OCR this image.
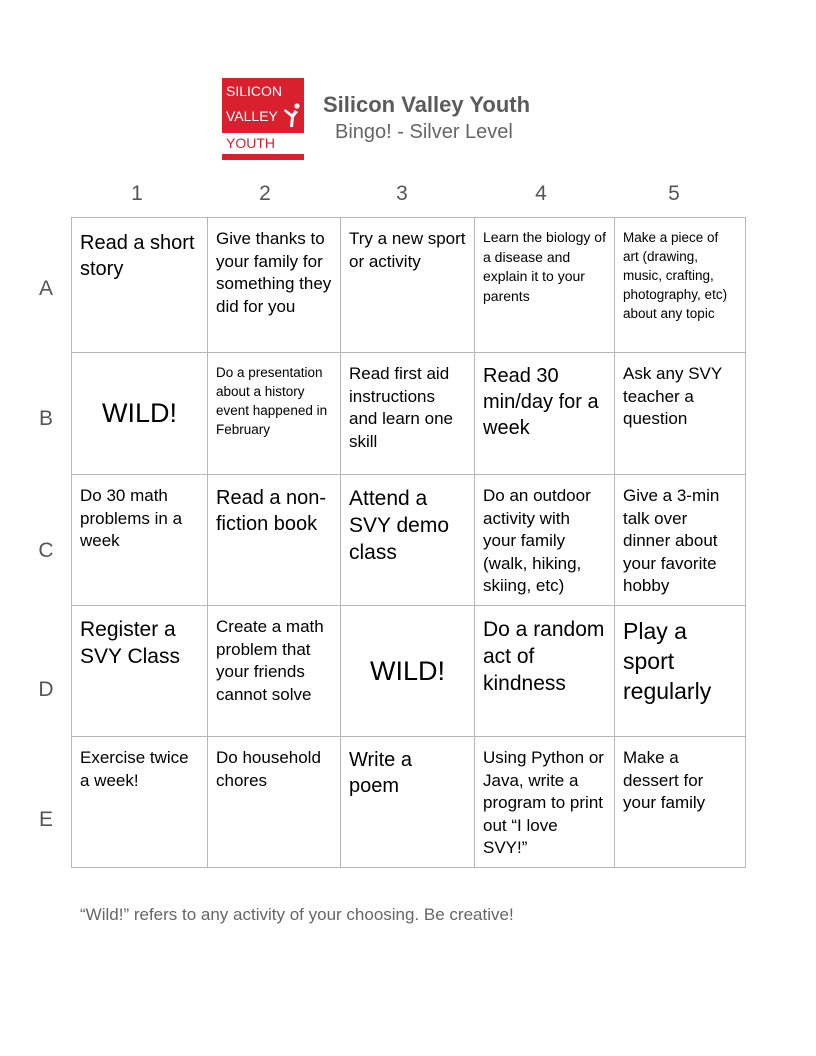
SILICON
VALLEY
YOUTH
Silicon Valley Youth
Bingo! - Silver Level
1	2	3	4	5
A
B
C
D
E
Read a short story	Give thanks to your family for something they did for you	Try a new sport or activity	Learn the biology of a disease and explain it to your parents	Make a piece of art (drawing, music, crafting, photography, etc) about any topic
WILD!	Do a presentation about a history event happened in February	Read first aid instructions and learn one skill	Read 30 min/day for a week	Ask any SVY teacher a question
Do 30 math problems in a week	Read a non-fiction book	Attend a SVY demo class	Do an outdoor activity with your family (walk, hiking, skiing, etc)	Give a 3-min talk over dinner about your favorite hobby
Register a SVY Class	Create a math problem that your friends cannot solve	WILD!	Do a random act of kindness	Play a sport regularly
Exercise twice a week!	Do household chores	Write a poem	Using Python or Java, write a program to print out “I love SVY!”	Make a dessert for your family
“Wild!” refers to any activity of your choosing. Be creative!
